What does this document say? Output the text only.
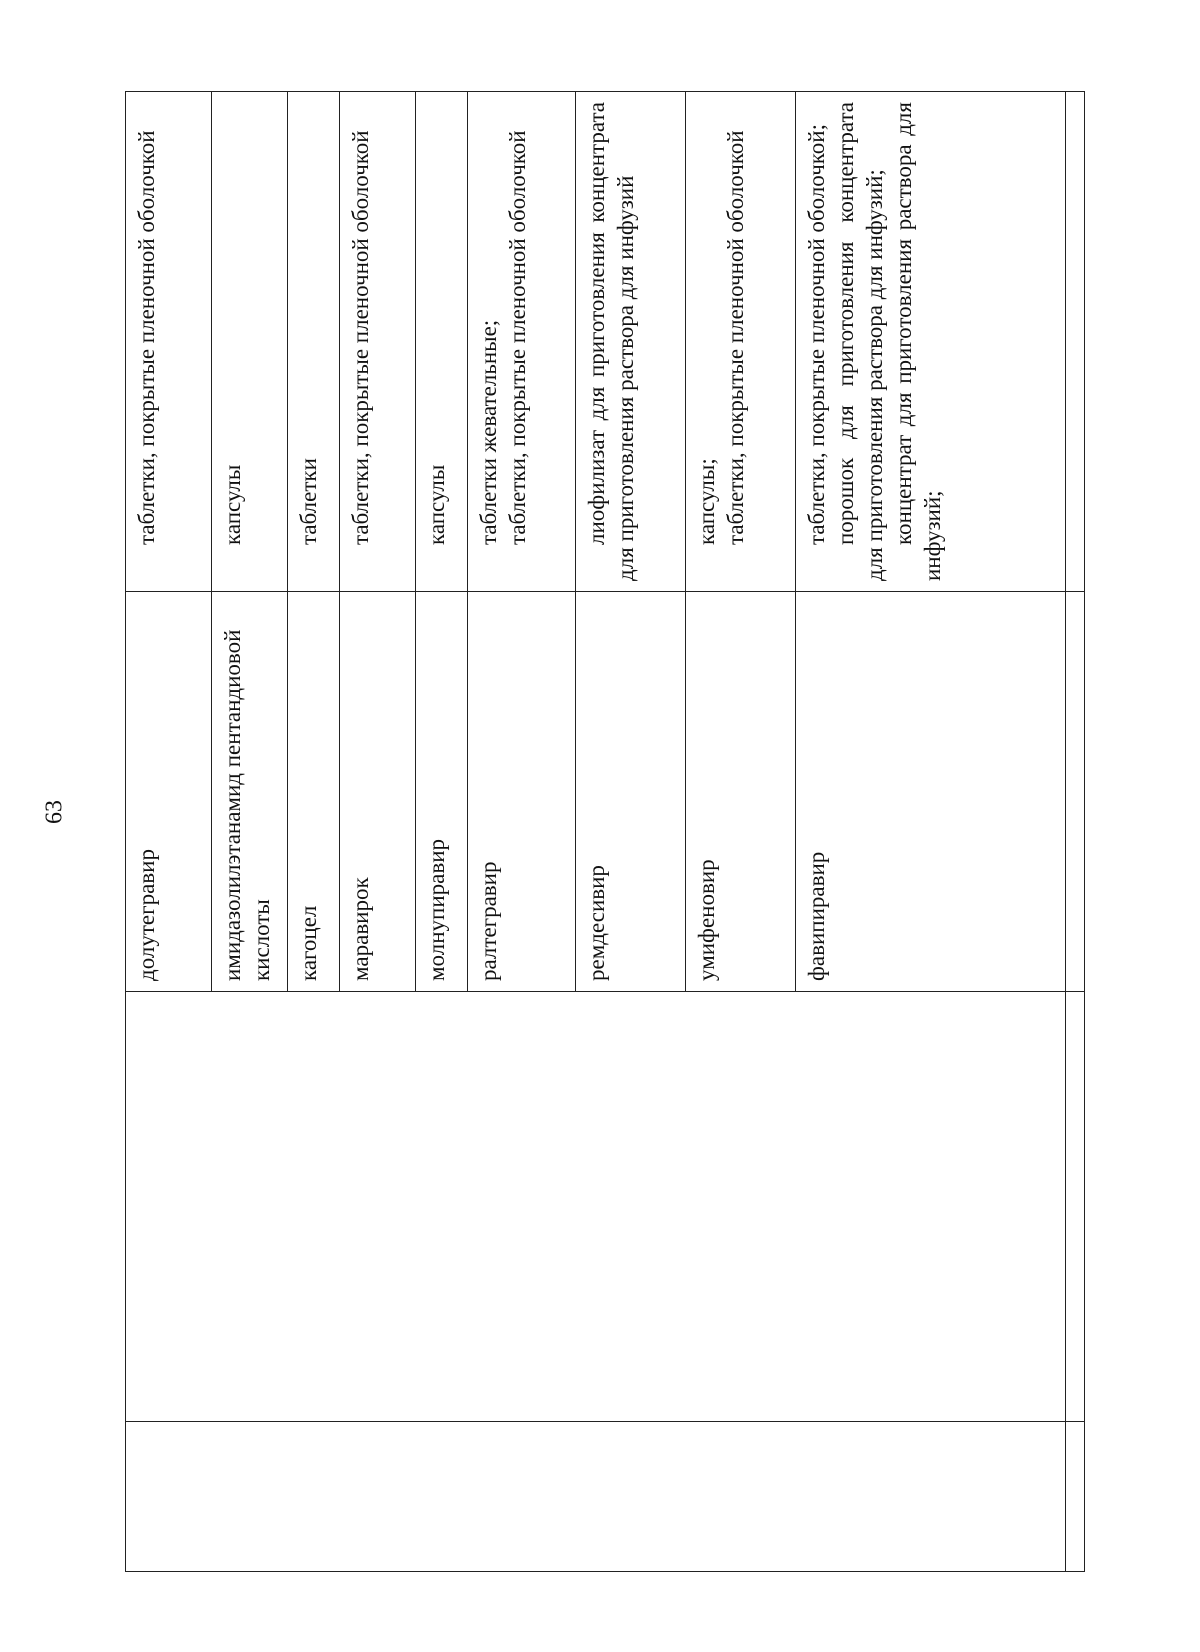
63
		долутегравир	таблетки, покрытые пленочной оболочкой

		имидазолилэтанамид пентандиовой кислоты	капсулы

		кагоцел	таблетки

		маравирок	таблетки, покрытые пленочной оболочкой

		молнупиравир	капсулы

		ралтегравир	таблетки жевательные; таблетки, покрытые пленочной оболочкой

		ремдесивир	лиофилизат для приготовления концентрата для приготовления раствора для инфузий

		умифеновир	капсулы; таблетки, покрытые пленочной оболочкой

		фавипиравир	таблетки, покрытые пленочной оболочкой; порошок для приготовления концентрата для приготовления раствора для инфузий; концентрат для приготовления раствора для инфузий;
